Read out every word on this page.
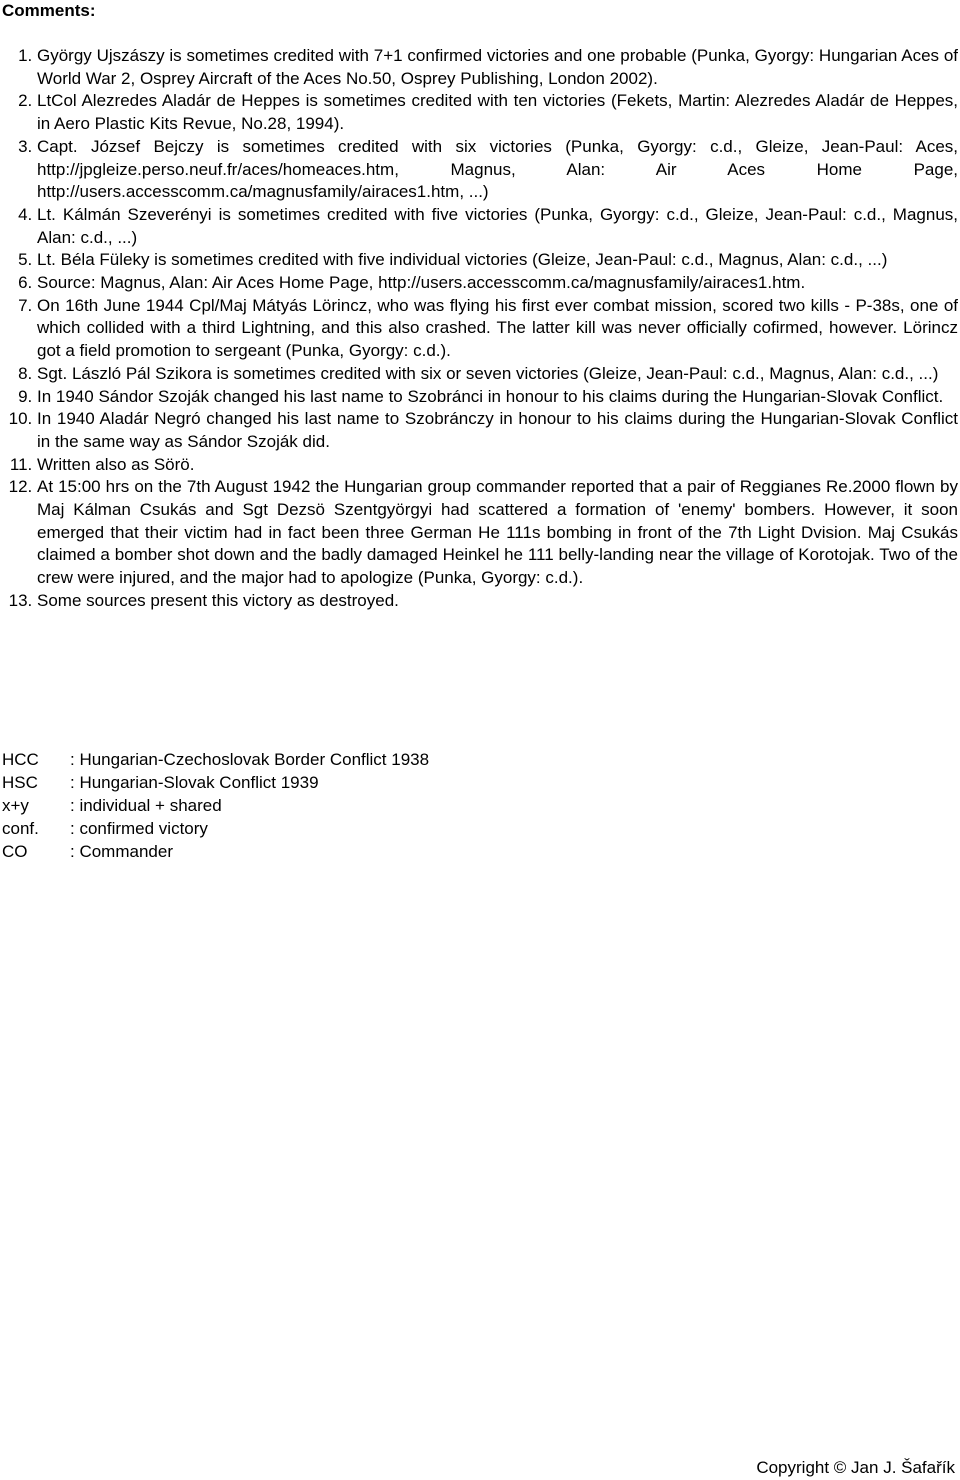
Comments:
1. György Ujszászy is sometimes credited with 7+1 confirmed victories and one probable (Punka, Gyorgy: Hungarian Aces of World War 2, Osprey Aircraft of the Aces No.50, Osprey Publishing, London 2002).
2. LtCol Alezredes Aladár de Heppes is sometimes credited with ten victories (Fekets, Martin: Alezredes Aladár de Heppes, in Aero Plastic Kits Revue, No.28, 1994).
3. Capt. József Bejczy is sometimes credited with six victories (Punka, Gyorgy: c.d., Gleize, Jean-Paul: Aces, http://jpgleize.perso.neuf.fr/aces/homeaces.htm, Magnus, Alan: Air Aces Home Page, http://users.accesscomm.ca/magnusfamily/airaces1.htm, ...)
4. Lt. Kálmán Szeverényi is sometimes credited with five victories (Punka, Gyorgy: c.d., Gleize, Jean-Paul: c.d., Magnus, Alan: c.d., ...)
5. Lt. Béla Füleky is sometimes credited with five individual victories (Gleize, Jean-Paul: c.d., Magnus, Alan: c.d., ...)
6. Source: Magnus, Alan: Air Aces Home Page, http://users.accesscomm.ca/magnusfamily/airaces1.htm.
7. On 16th June 1944 Cpl/Maj Mátyás Lörincz, who was flying his first ever combat mission, scored two kills - P-38s, one of which collided with a third Lightning, and this also crashed. The latter kill was never officially cofirmed, however. Lörincz got a field promotion to sergeant (Punka, Gyorgy: c.d.).
8. Sgt. László Pál Szikora is sometimes credited with six or seven victories (Gleize, Jean-Paul: c.d., Magnus, Alan: c.d., ...)
9. In 1940 Sándor Szoják changed his last name to Szobránci in honour to his claims during the Hungarian-Slovak Conflict.
10. In 1940 Aladár Negró changed his last name to Szobránczy in honour to his claims during the Hungarian-Slovak Conflict in the same way as Sándor Szoják did.
11. Written also as Sörö.
12. At 15:00 hrs on the 7th August 1942 the Hungarian group commander reported that a pair of Reggianes Re.2000 flown by Maj Kálman Csukás and Sgt Dezsö Szentgyörgyi had scattered a formation of 'enemy' bombers. However, it soon emerged that their victim had in fact been three German He 111s bombing in front of the 7th Light Dvision. Maj Csukás claimed a bomber shot down and the badly damaged Heinkel he 111 belly-landing near the village of Korotojak. Two of the crew were injured, and the major had to apologize (Punka, Gyorgy: c.d.).
13. Some sources present this victory as destroyed.
HCC	: Hungarian-Czechoslovak Border Conflict 1938
HSC	: Hungarian-Slovak Conflict 1939
x+y	: individual + shared
conf.	: confirmed victory
CO	: Commander
Copyright © Jan J. Šafařík
